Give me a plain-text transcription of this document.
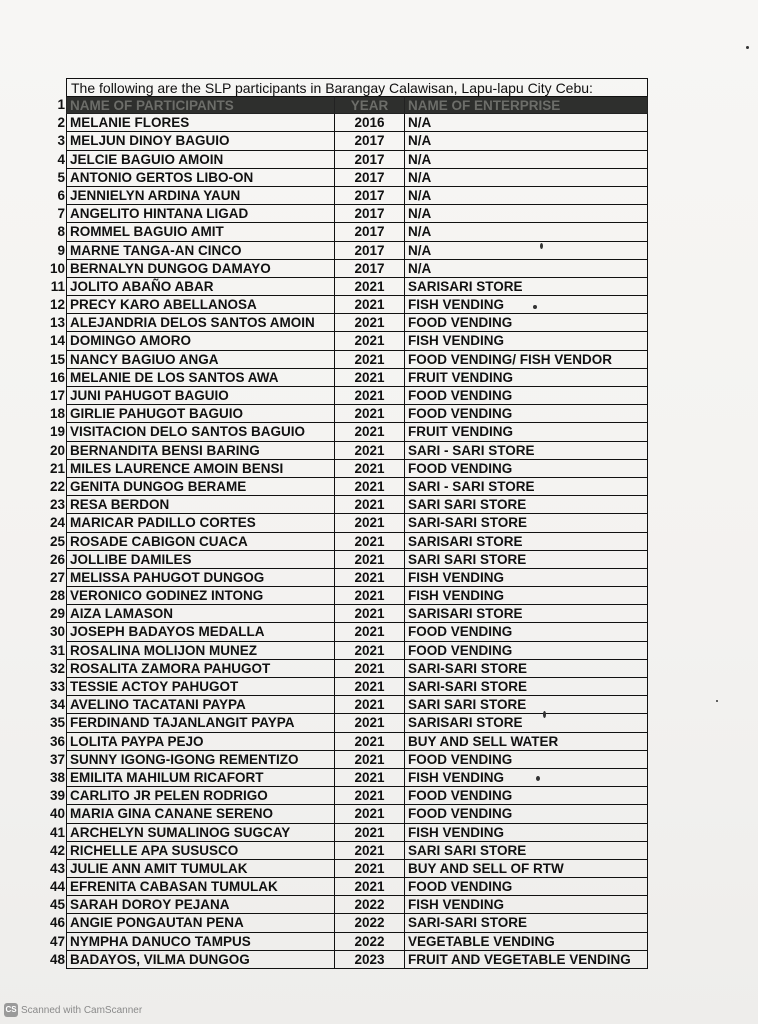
The following are the SLP participants in Barangay Calawisan, Lapu-lapu City Cebu:
1 NAME OF PARTICIPANTS	YEAR	NAME OF ENTERPRISE
2 MELANIE FLORES	2016	N/A
3 MELJUN DINOY BAGUIO	2017	N/A
4 JELCIE BAGUIO AMOIN	2017	N/A
5 ANTONIO GERTOS LIBO-ON	2017	N/A
6 JENNIELYN ARDINA YAUN	2017	N/A
7 ANGELITO HINTANA LIGAD	2017	N/A
8 ROMMEL BAGUIO AMIT	2017	N/A
9 MARNE TANGA-AN CINCO	2017	N/A
10 BERNALYN DUNGOG DAMAYO	2017	N/A
11 JOLITO ABAÑO ABAR	2021	SARISARI STORE
12 PRECY KARO ABELLANOSA	2021	FISH VENDING
13 ALEJANDRIA DELOS SANTOS AMOIN	2021	FOOD VENDING
14 DOMINGO AMORO	2021	FISH VENDING
15 NANCY BAGIUO ANGA	2021	FOOD VENDING/ FISH VENDOR
16 MELANIE DE LOS SANTOS AWA	2021	FRUIT VENDING
17 JUNI PAHUGOT BAGUIO	2021	FOOD VENDING
18 GIRLIE PAHUGOT BAGUIO	2021	FOOD VENDING
19 VISITACION DELO SANTOS BAGUIO	2021	FRUIT VENDING
20 BERNANDITA BENSI BARING	2021	SARI - SARI STORE
21 MILES LAURENCE AMOIN BENSI	2021	FOOD VENDING
22 GENITA DUNGOG BERAME	2021	SARI - SARI STORE
23 RESA BERDON	2021	SARI SARI STORE
24 MARICAR PADILLO CORTES	2021	SARI-SARI STORE
25 ROSADE CABIGON CUACA	2021	SARISARI STORE
26 JOLLIBE DAMILES	2021	SARI SARI STORE
27 MELISSA PAHUGOT DUNGOG	2021	FISH VENDING
28 VERONICO GODINEZ INTONG	2021	FISH VENDING
29 AIZA LAMASON	2021	SARISARI STORE
30 JOSEPH BADAYOS MEDALLA	2021	FOOD VENDING
31 ROSALINA MOLIJON MUNEZ	2021	FOOD VENDING
32 ROSALITA ZAMORA PAHUGOT	2021	SARI-SARI STORE
33 TESSIE ACTOY PAHUGOT	2021	SARI-SARI STORE
34 AVELINO TACATANI PAYPA	2021	SARI SARI STORE
35 FERDINAND TAJANLANGIT PAYPA	2021	SARISARI STORE
36 LOLITA PAYPA PEJO	2021	BUY AND SELL WATER
37 SUNNY IGONG-IGONG REMENTIZO	2021	FOOD VENDING
38 EMILITA MAHILUM RICAFORT	2021	FISH VENDING
39 CARLITO JR PELEN RODRIGO	2021	FOOD VENDING
40 MARIA GINA CANANE SERENO	2021	FOOD VENDING
41 ARCHELYN SUMALINOG SUGCAY	2021	FISH VENDING
42 RICHELLE APA SUSUSCO	2021	SARI SARI STORE
43 JULIE ANN AMIT TUMULAK	2021	BUY AND SELL OF RTW
44 EFRENITA CABASAN TUMULAK	2021	FOOD VENDING
45 SARAH DOROY PEJANA	2022	FISH VENDING
46 ANGIE PONGAUTAN PENA	2022	SARI-SARI STORE
47 NYMPHA DANUCO TAMPUS	2022	VEGETABLE VENDING
48 BADAYOS, VILMA DUNGOG	2023	FRUIT AND VEGETABLE VENDING
CS Scanned with CamScanner
